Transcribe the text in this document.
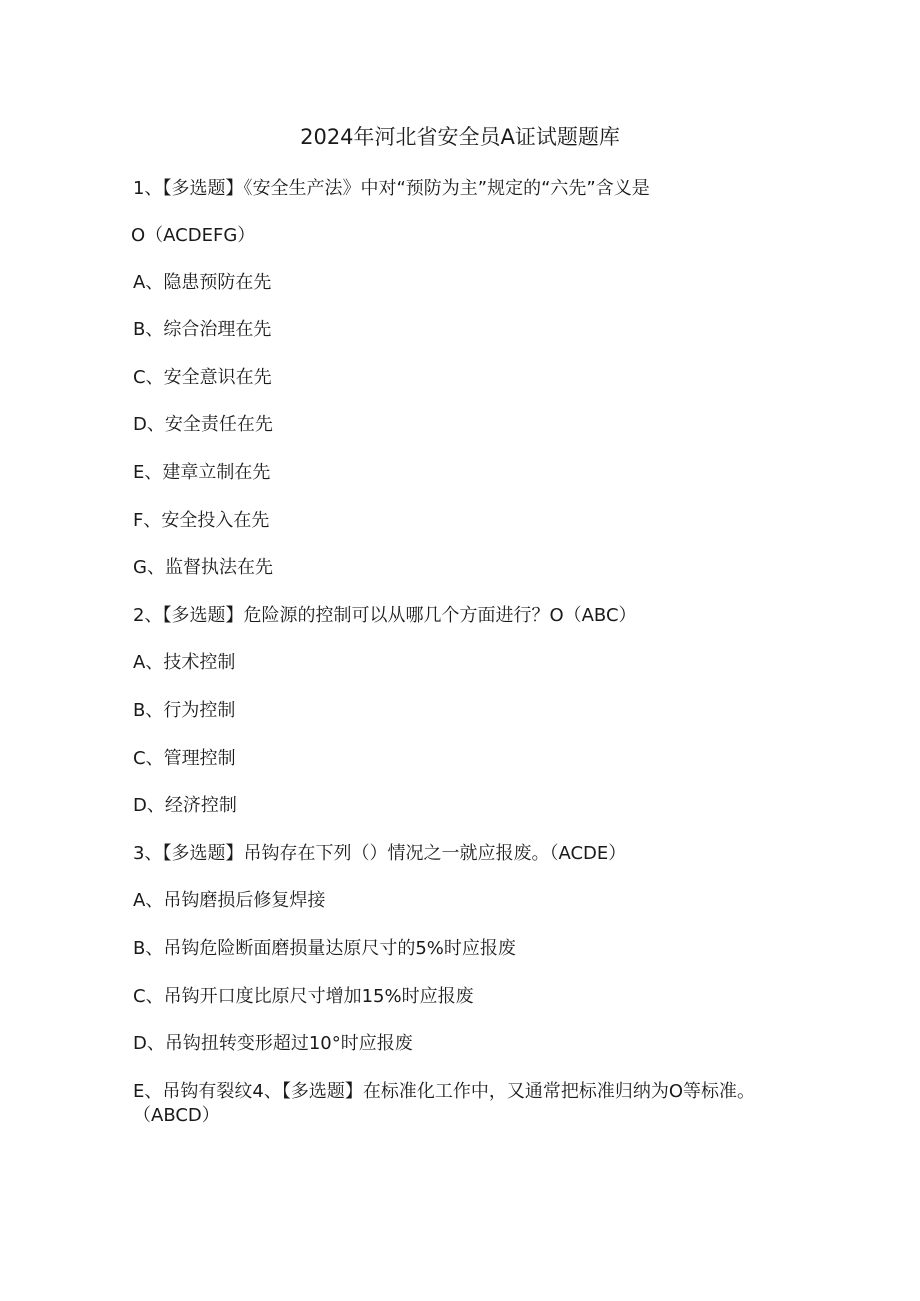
2024年河北省安全员A证试题题库
1、【多选题】《安全生产法》中对“预防为主”规定的“六先”含义是
O（ACDEFG）
A、隐患预防在先
B、综合治理在先
C、安全意识在先
D、安全责任在先
E、建章立制在先
F、安全投入在先
G、监督执法在先
2、【多选题】危险源的控制可以从哪几个方面进行？O（ABC）
A、技术控制
B、行为控制
C、管理控制
D、经济控制
3、【多选题】吊钩存在下列（）情况之一就应报废。（ACDE）
A、吊钩磨损后修复焊接
B、吊钩危险断面磨损量达原尺寸的5%时应报废
C、吊钩开口度比原尺寸增加15%时应报废
D、吊钩扭转变形超过10°时应报废
E、吊钩有裂纹4、【多选题】在标准化工作中，又通常把标准归纳为O等标准。（ABCD）
